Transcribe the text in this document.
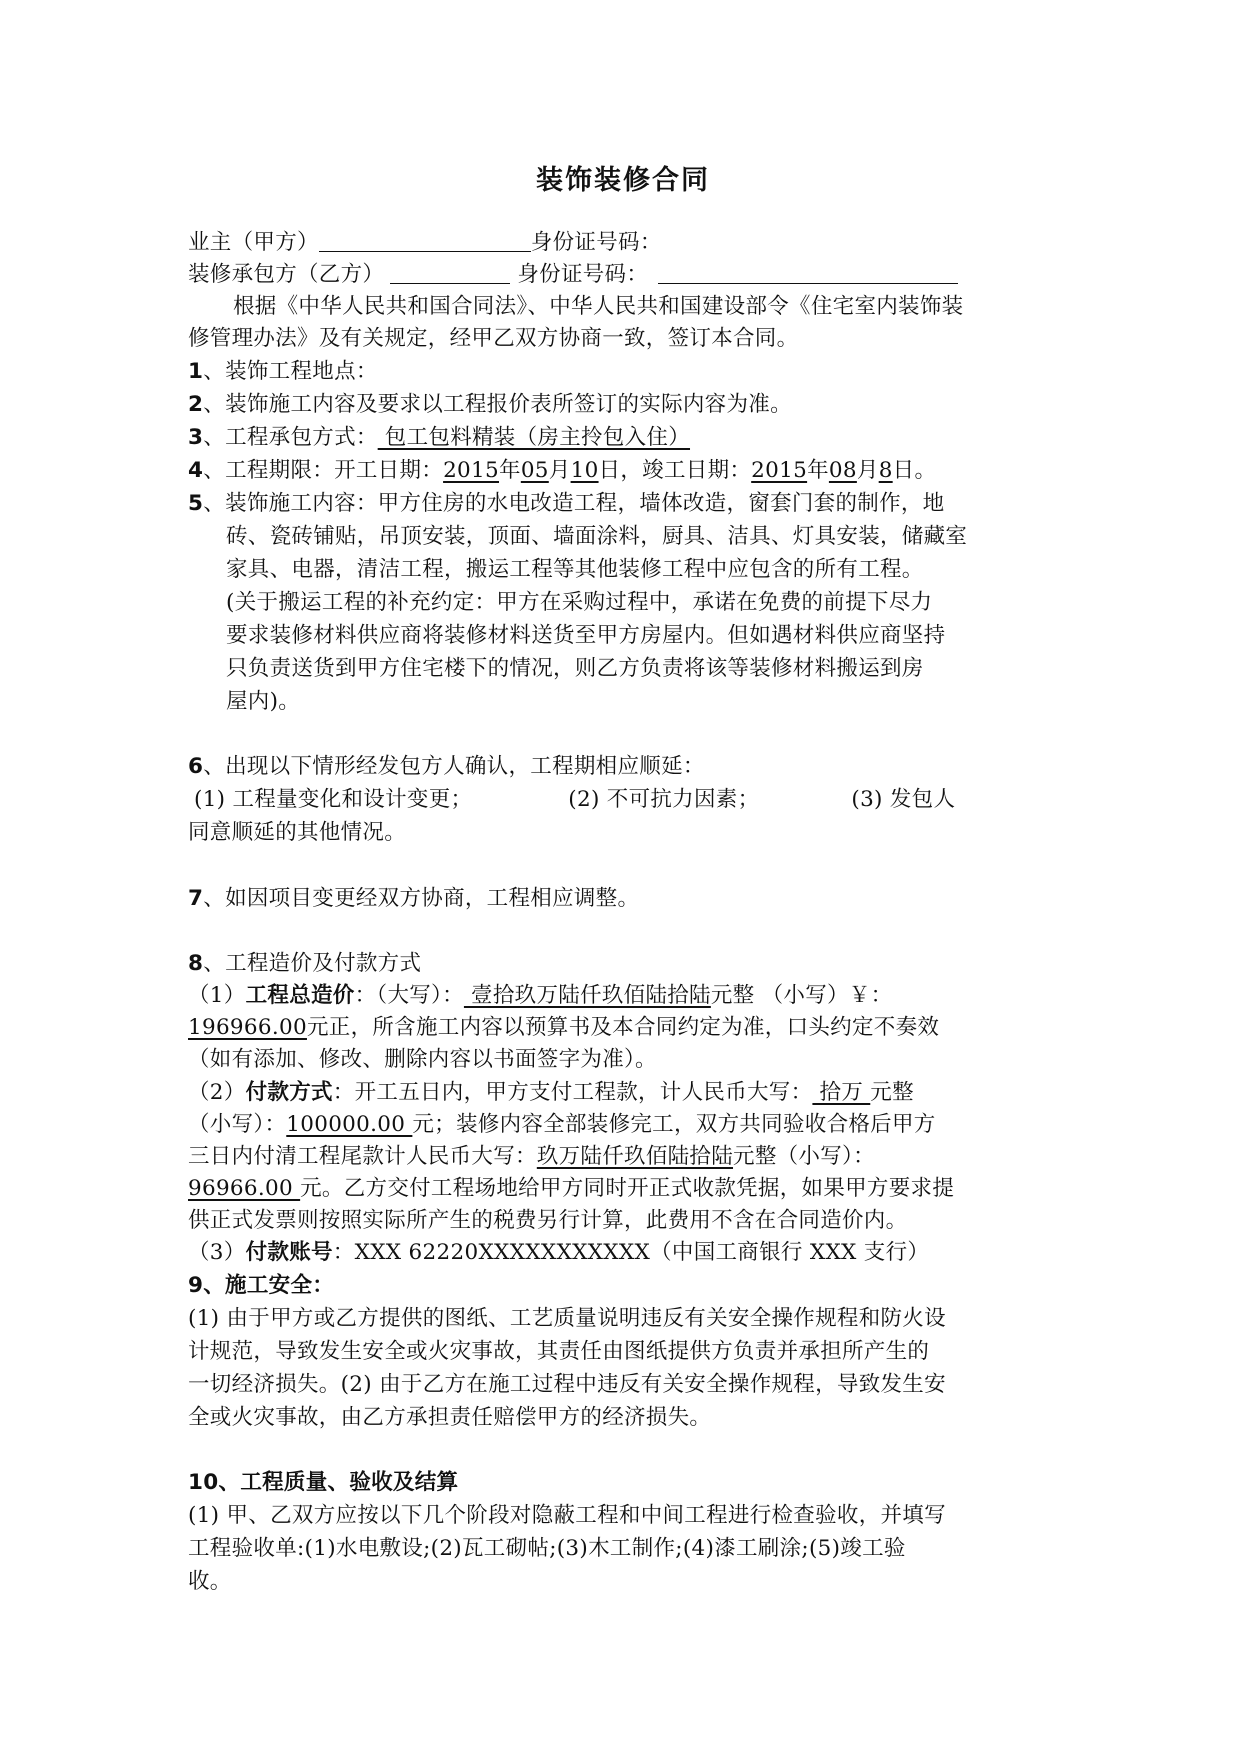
装饰装修合同
业主（甲方）	身份证号码：
装修承包方（乙方）	身份证号码：
根据《中华人民共和国合同法》、中华人民共和国建设部令《住宅室内装饰装
修管理办法》及有关规定，经甲乙双方协商一致，签订本合同。
1、装饰工程地点：
2、装饰施工内容及要求以工程报价表所签订的实际内容为准。
3、工程承包方式： 包工包料精装（房主拎包入住）
4、工程期限：开工日期：2015年05月10日，竣工日期：2015年08月8日。
5、装饰施工内容：甲方住房的水电改造工程，墙体改造，窗套门套的制作，地
砖、瓷砖铺贴，吊顶安装，顶面、墙面涂料，厨具、洁具、灯具安装，储藏室
家具、电器，清洁工程，搬运工程等其他装修工程中应包含的所有工程。
(关于搬运工程的补充约定：甲方在采购过程中，承诺在免费的前提下尽力
要求装修材料供应商将装修材料送货至甲方房屋内。但如遇材料供应商坚持
只负责送货到甲方住宅楼下的情况，则乙方负责将该等装修材料搬运到房
屋内)。
6、出现以下情形经发包方人确认，工程期相应顺延：
(1) 工程量变化和设计变更；	(2) 不可抗力因素；	(3) 发包人
同意顺延的其他情况。
7、如因项目变更经双方协商，工程相应调整。
8、工程造价及付款方式
（1）工程总造价：（大写）： 壹拾玖万陆仟玖佰陆拾陆元整 （小写）￥：
196966.00元正，所含施工内容以预算书及本合同约定为准，口头约定不奏效
（如有添加、修改、删除内容以书面签字为准）。
（2）付款方式：开工五日内，甲方支付工程款，计人民币大写： 拾万 元整
（小写）：100000.00 元；装修内容全部装修完工，双方共同验收合格后甲方
三日内付清工程尾款计人民币大写：玖万陆仟玖佰陆拾陆元整（小写）：
96966.00 元。乙方交付工程场地给甲方同时开正式收款凭据，如果甲方要求提
供正式发票则按照实际所产生的税费另行计算，此费用不含在合同造价内。
（3）付款账号：XXX 62220XXXXXXXXXXX（中国工商银行 XXX 支行）
9、施工安全：
(1) 由于甲方或乙方提供的图纸、工艺质量说明违反有关安全操作规程和防火设
计规范，导致发生安全或火灾事故，其责任由图纸提供方负责并承担所产生的
一切经济损失。(2) 由于乙方在施工过程中违反有关安全操作规程，导致发生安
全或火灾事故，由乙方承担责任赔偿甲方的经济损失。
10、工程质量、验收及结算
(1) 甲、乙双方应按以下几个阶段对隐蔽工程和中间工程进行检查验收，并填写
工程验收单:(1)水电敷设;(2)瓦工砌帖;(3)木工制作;(4)漆工刷涂;(5)竣工验
收。
